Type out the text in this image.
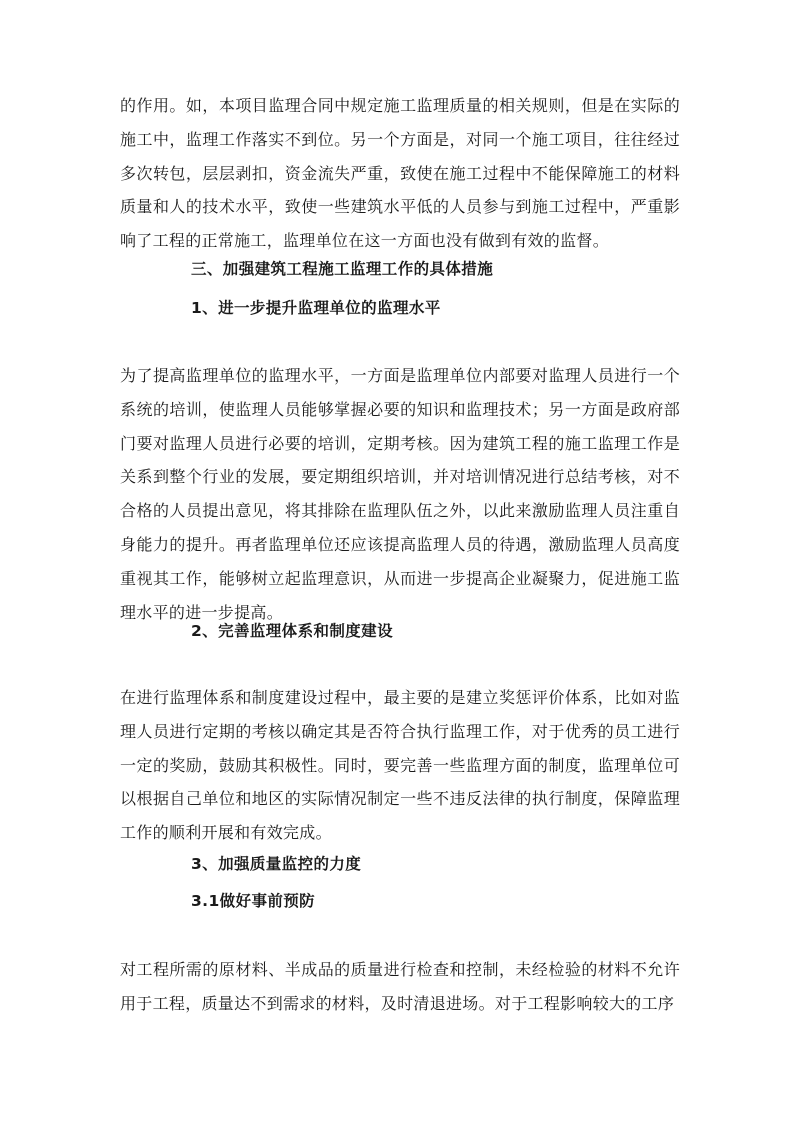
的作用。如，本项目监理合同中规定施工监理质量的相关规则，但是在实际的施工中，监理工作落实不到位。另一个方面是，对同一个施工项目，往往经过多次转包，层层剥扣，资金流失严重，致使在施工过程中不能保障施工的材料质量和人的技术水平，致使一些建筑水平低的人员参与到施工过程中，严重影响了工程的正常施工，监理单位在这一方面也没有做到有效的监督。

三、加强建筑工程施工监理工作的具体措施
1、进一步提升监理单位的监理水平

为了提高监理单位的监理水平，一方面是监理单位内部要对监理人员进行一个系统的培训，使监理人员能够掌握必要的知识和监理技术；另一方面是政府部门要对监理人员进行必要的培训，定期考核。因为建筑工程的施工监理工作是关系到整个行业的发展，要定期组织培训，并对培训情况进行总结考核，对不合格的人员提出意见，将其排除在监理队伍之外，以此来激励监理人员注重自身能力的提升。再者监理单位还应该提高监理人员的待遇，激励监理人员高度重视其工作，能够树立起监理意识，从而进一步提高企业凝聚力，促进施工监理水平的进一步提高。

2、完善监理体系和制度建设

在进行监理体系和制度建设过程中，最主要的是建立奖惩评价体系，比如对监理人员进行定期的考核以确定其是否符合执行监理工作，对于优秀的员工进行一定的奖励，鼓励其积极性。同时，要完善一些监理方面的制度，监理单位可以根据自己单位和地区的实际情况制定一些不违反法律的执行制度，保障监理工作的顺利开展和有效完成。

3、加强质量监控的力度
3.1做好事前预防

对工程所需的原材料、半成品的质量进行检查和控制，未经检验的材料不允许用于工程，质量达不到需求的材料，及时清退进场。对于工程影响较大的工序
